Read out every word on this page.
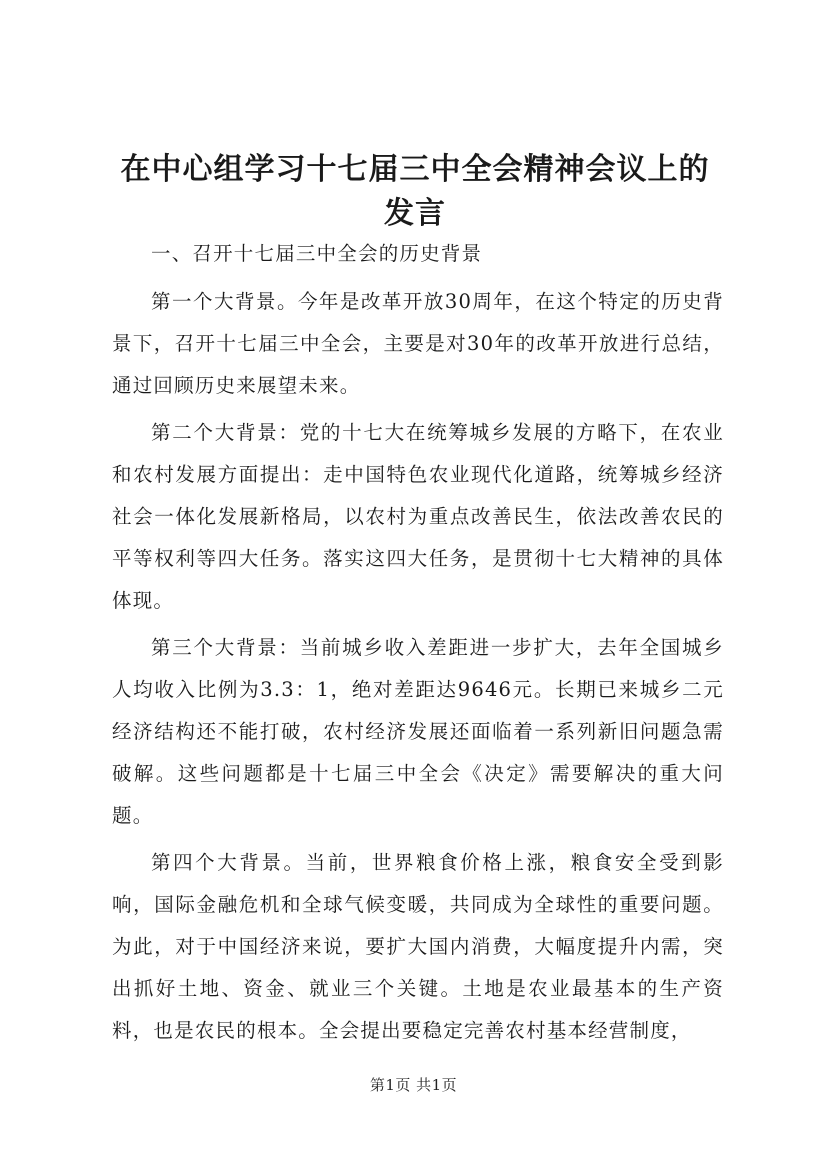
在中心组学习十七届三中全会精神会议上的发言

一、召开十七届三中全会的历史背景

第一个大背景。今年是改革开放30周年，在这个特定的历史背景下，召开十七届三中全会，主要是对30年的改革开放进行总结，通过回顾历史来展望未来。

第二个大背景：党的十七大在统筹城乡发展的方略下，在农业和农村发展方面提出：走中国特色农业现代化道路，统筹城乡经济社会一体化发展新格局，以农村为重点改善民生，依法改善农民的平等权利等四大任务。落实这四大任务，是贯彻十七大精神的具体体现。

第三个大背景：当前城乡收入差距进一步扩大，去年全国城乡人均收入比例为3.3：1，绝对差距达9646元。长期已来城乡二元经济结构还不能打破，农村经济发展还面临着一系列新旧问题急需破解。这些问题都是十七届三中全会《决定》需要解决的重大问题。

第四个大背景。当前，世界粮食价格上涨，粮食安全受到影响，国际金融危机和全球气候变暖，共同成为全球性的重要问题。为此，对于中国经济来说，要扩大国内消费，大幅度提升内需，突出抓好土地、资金、就业三个关键。土地是农业最基本的生产资料，也是农民的根本。全会提出要稳定完善农村基本经营制度，

第1页 共1页
